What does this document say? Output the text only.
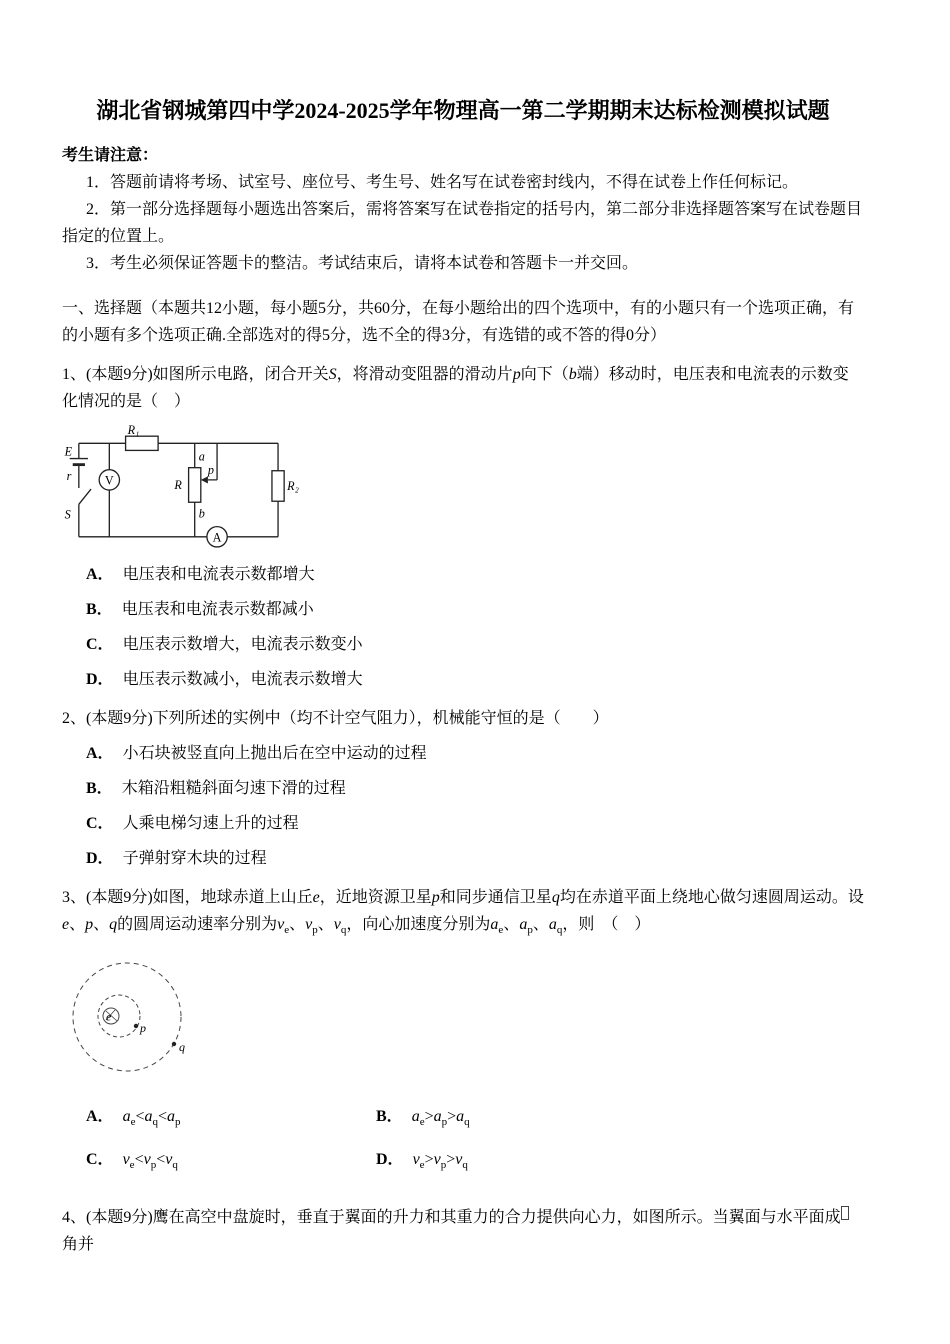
湖北省钢城第四中学2024-2025学年物理高一第二学期期末达标检测模拟试题

考生请注意：

1．答题前请将考场、试室号、座位号、考生号、姓名写在试卷密封线内，不得在试卷上作任何标记。

2．第一部分选择题每小题选出答案后，需将答案写在试卷指定的括号内，第二部分非选择题答案写在试卷题目指定的位置上。

3．考生必须保证答题卡的整洁。考试结束后，请将本试卷和答题卡一并交回。

一、选择题（本题共12小题，每小题5分，共60分，在每小题给出的四个选项中，有的小题只有一个选项正确，有的小题有多个选项正确.全部选对的得5分，选不全的得3分，有选错的或不答的得0分）

1、(本题9分)如图所示电路，闭合开关S，将滑动变阻器的滑动片p向下（b端）移动时，电压表和电流表的示数变化情况的是（　）

E
r
S
V
R₁
a
R
b
p
R₂
A

A． 电压表和电流表示数都增大

B． 电压表和电流表示数都减小

C． 电压表示数增大，电流表示数变小

D． 电压表示数减小，电流表示数增大

2、(本题9分)下列所述的实例中（均不计空气阻力），机械能守恒的是（　　）

A． 小石块被竖直向上抛出后在空中运动的过程

B． 木箱沿粗糙斜面匀速下滑的过程

C． 人乘电梯匀速上升的过程

D． 子弹射穿木块的过程

3、(本题9分)如图，地球赤道上山丘e，近地资源卫星p和同步通信卫星q均在赤道平面上绕地心做匀速圆周运动。设e、p、q的圆周运动速率分别为$v_e$、$v_p$、$v_q$，向心加速度分别为$a_e$、$a_p$、$a_q$，则　（　）

e
p
q

A． $a_e<a_q<a_p$	B． $a_e>a_p>a_q$

C． $v_e<v_p<v_q$	D． $v_e>v_p>v_q$

4、(本题9分)鹰在高空中盘旋时，垂直于翼面的升力和其重力的合力提供向心力，如图所示。当翼面与水平面成角并
